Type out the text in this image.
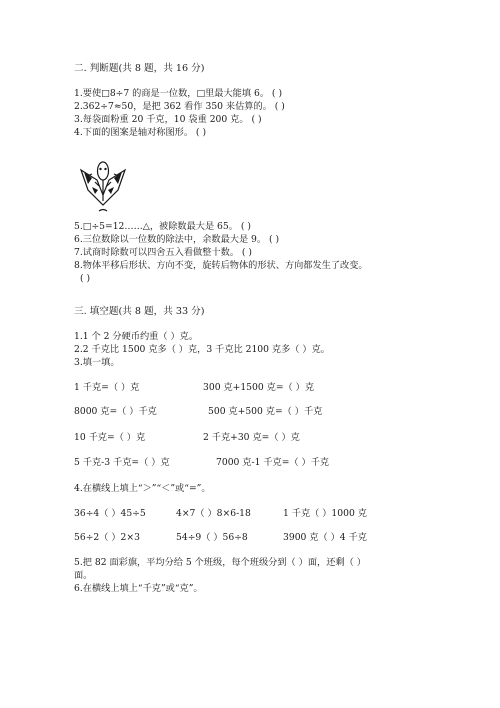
二. 判断题(共 8 题，共 16 分)
1.要使□8÷7 的商是一位数，□里最大能填 6。 ( )
2.362÷7≈50，是把 362 看作 350 来估算的。 ( )
3.每袋面粉重 20 千克，10 袋重 200 克。 ( )
4.下面的图案是轴对称图形。 ( )
5.□÷5=12……△，被除数最大是 65。 ( )
6.三位数除以一位数的除法中，余数最大是 9。 ( )
7.试商时除数可以四舍五入看做整十数。 ( )
8.物体平移后形状、方向不变，旋转后物体的形状、方向都发生了改变。
( )
三. 填空题(共 8 题，共 33 分)
1.1 个 2 分硬币约重（ ）克。
2.2 千克比 1500 克多（ ）克，3 千克比 2100 克多（ ）克。
3.填一填。
1 千克=（ ）克	300 克+1500 克=（ ）克
8000 克=（ ）千克	500 克+500 克=（ ）千克
10 千克=（ ）克	2 千克+30 克=（ ）克
5 千克-3 千克=（ ）克	7000 克-1 千克=（ ）千克
4.在横线上填上“＞”“＜”或“=”。
36÷4（ ）45÷5	4×7（ ）8×6-18	1 千克（ ）1000 克
56÷2（ ）2×3	54÷9（ ）56÷8	3900 克（ ）4 千克
5.把 82 面彩旗，平均分给 5 个班级，每个班级分到（ ）面，还剩（ ）
面。
6.在横线上填上“千克”或“克”。
